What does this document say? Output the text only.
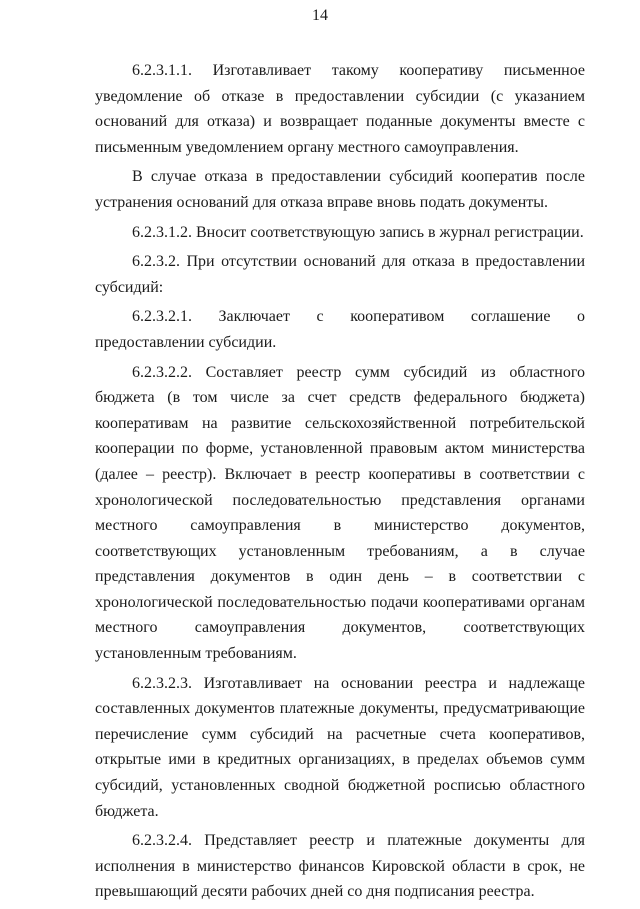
14

6.2.3.1.1. Изготавливает такому кооперативу письменное уведомление об отказе в предоставлении субсидии (с указанием оснований для отказа) и возвращает поданные документы вместе с письменным уведомлением органу местного самоуправления.

В случае отказа в предоставлении субсидий кооператив после устранения оснований для отказа вправе вновь подать документы.

6.2.3.1.2. Вносит соответствующую запись в журнал регистрации.

6.2.3.2. При отсутствии оснований для отказа в предоставлении субсидий:

6.2.3.2.1. Заключает с кооперативом соглашение о предоставлении субсидии.

6.2.3.2.2. Составляет реестр сумм субсидий из областного бюджета (в том числе за счет средств федерального бюджета) кооперативам на развитие сельскохозяйственной потребительской кооперации по форме, установленной правовым актом министерства (далее – реестр). Включает в реестр кооперативы в соответствии с хронологической последовательностью представления органами местного самоуправления в министерство документов, соответствующих установленным требованиям, а в случае представления документов в один день – в соответствии с хронологической последовательностью подачи кооперативами органам местного самоуправления документов, соответствующих установленным требованиям.

6.2.3.2.3. Изготавливает на основании реестра и надлежаще составленных документов платежные документы, предусматривающие перечисление сумм субсидий на расчетные счета кооперативов, открытые ими в кредитных организациях, в пределах объемов сумм субсидий, установленных сводной бюджетной росписью областного бюджета.

6.2.3.2.4. Представляет реестр и платежные документы для исполнения в министерство финансов Кировской области в срок, не превышающий десяти рабочих дней со дня подписания реестра.
